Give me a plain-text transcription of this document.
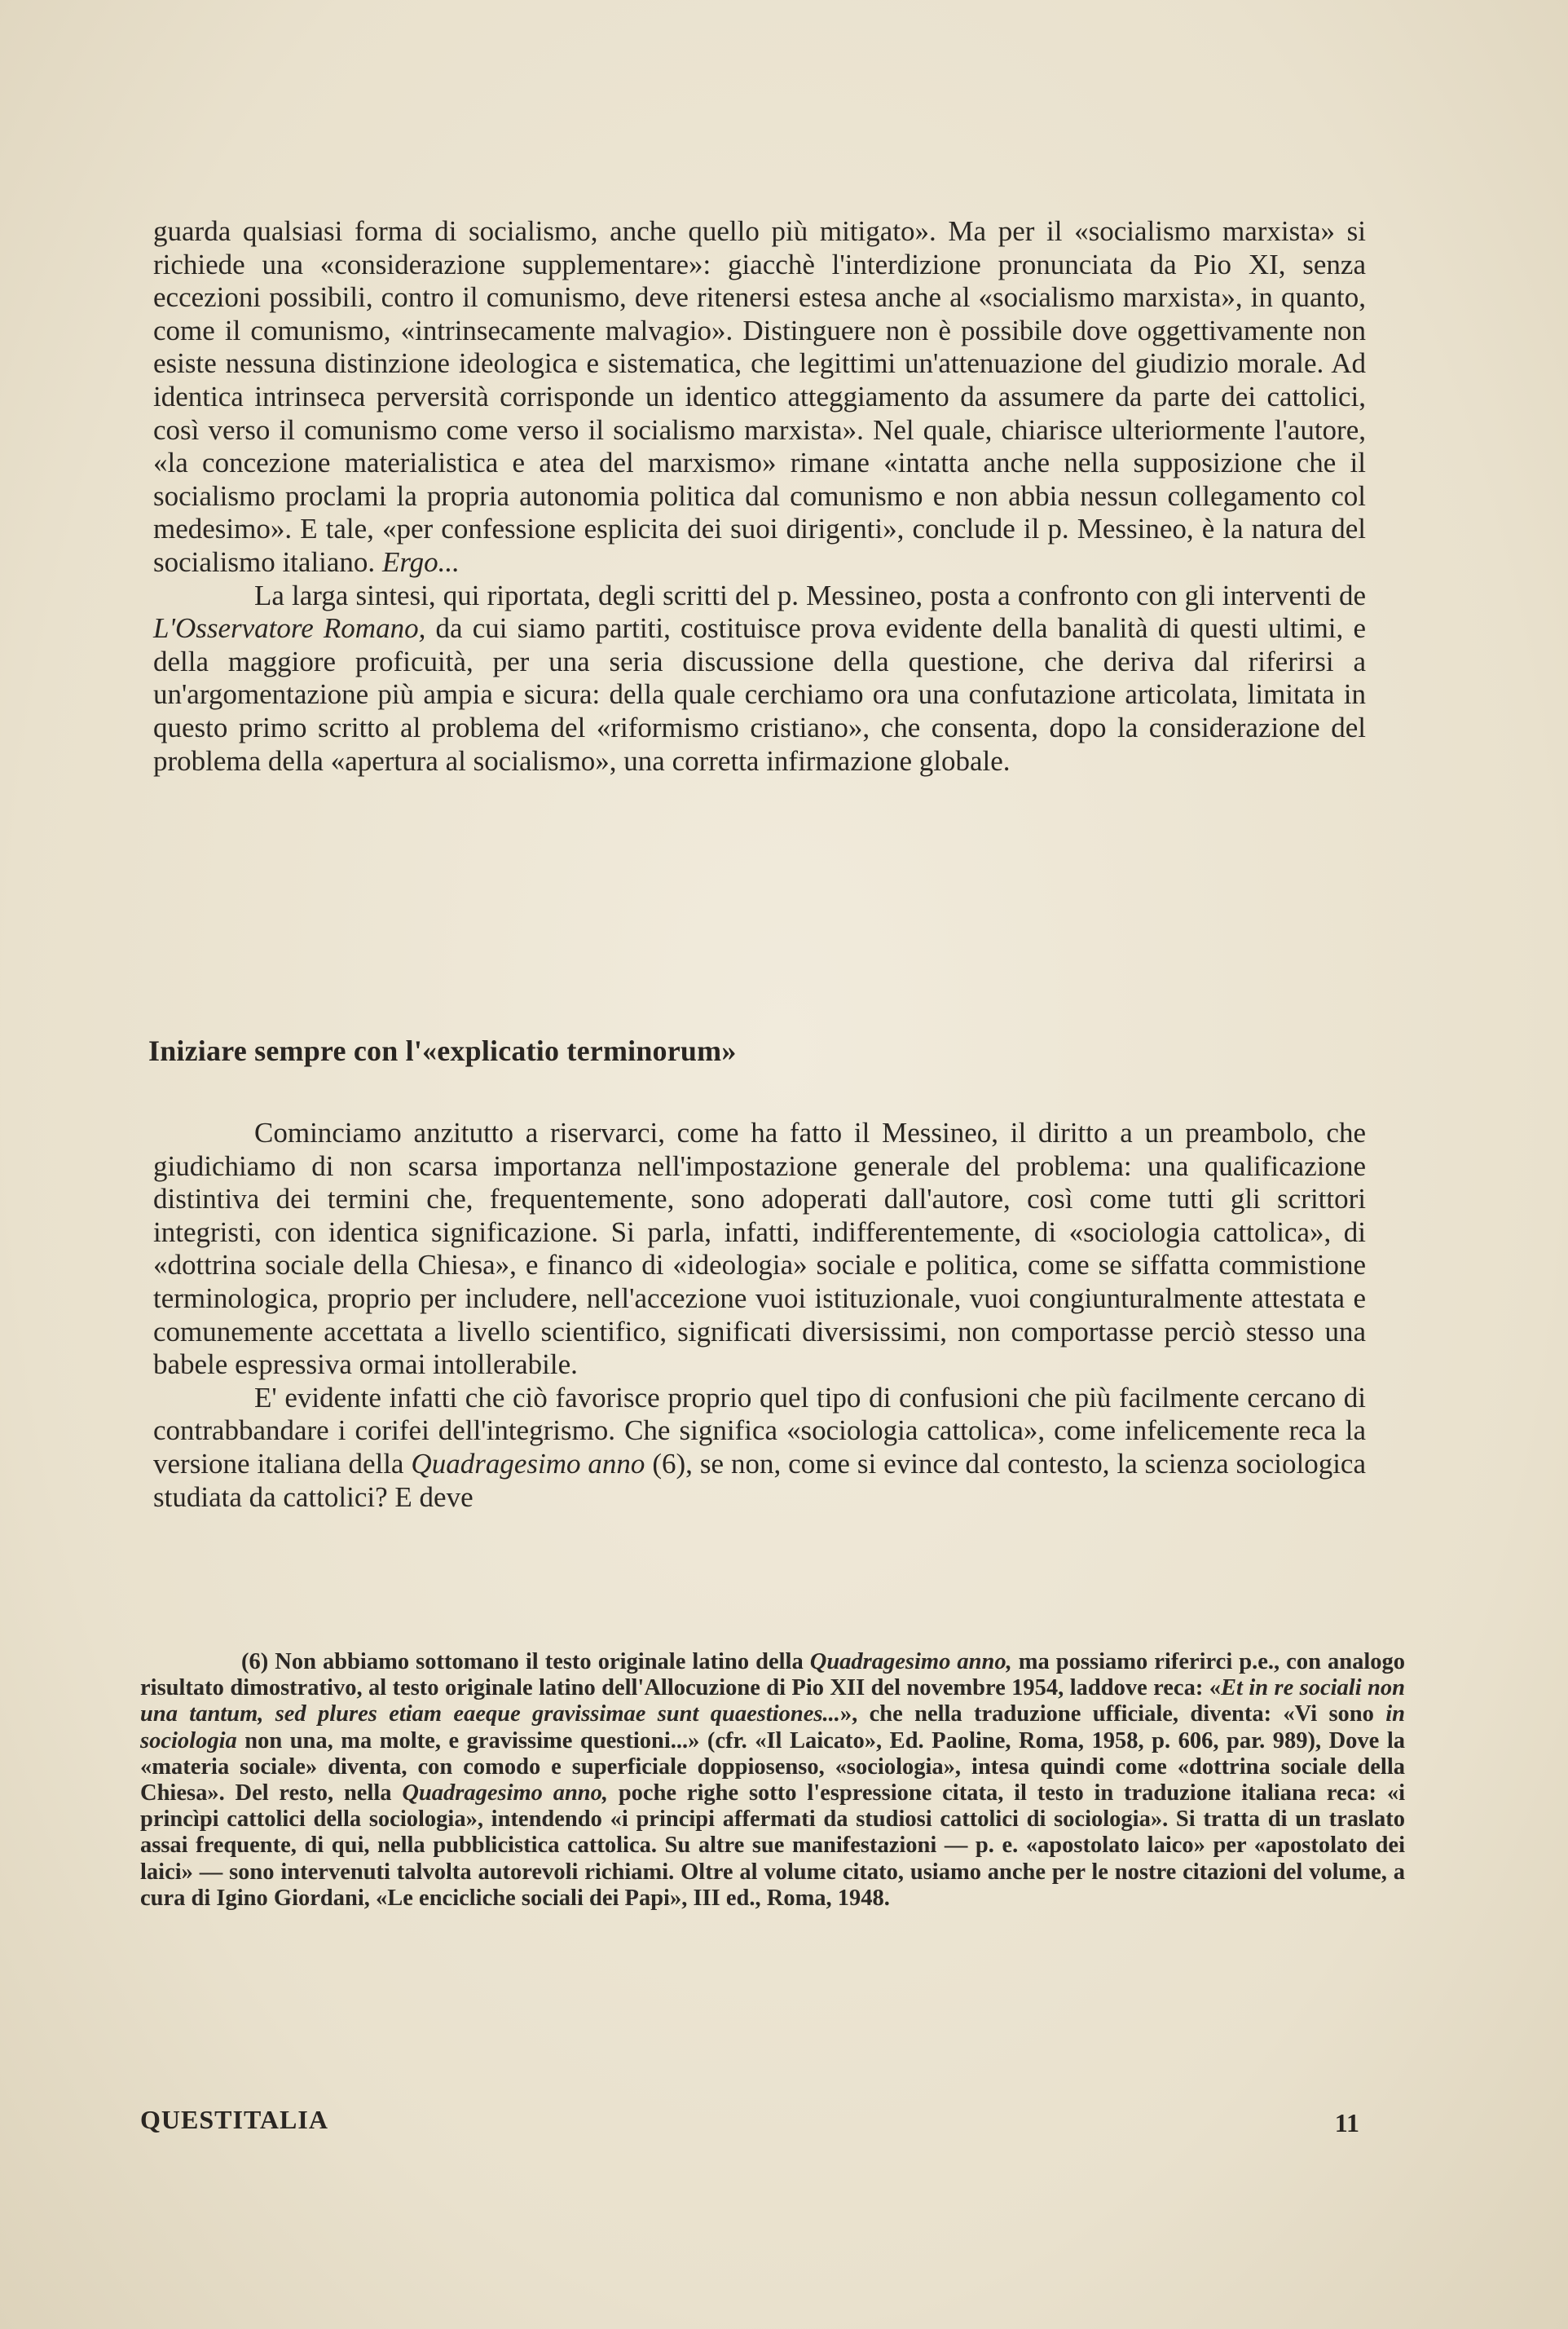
guarda qualsiasi forma di socialismo, anche quello più mitigato». Ma per il «socialismo marxista» si richiede una «considerazione supplementare»: giacchè l'interdizione pronunciata da Pio XI, senza eccezioni possibili, contro il comunismo, deve ritenersi estesa anche al «socialismo marxista», in quanto, come il comunismo, «intrinsecamente malvagio». Distinguere non è possibile dove oggettivamente non esiste nessuna distinzione ideologica e sistematica, che legittimi un'attenuazione del giudizio morale. Ad identica intrinseca perversità corrisponde un identico atteggiamento da assumere da parte dei cattolici, così verso il comunismo come verso il socialismo marxista». Nel quale, chiarisce ulteriormente l'autore, «la concezione materialistica e atea del marxismo» rimane «intatta anche nella supposizione che il socialismo proclami la propria autonomia politica dal comunismo e non abbia nessun collegamento col medesimo». E tale, «per confessione esplicita dei suoi dirigenti», conclude il p. Messineo, è la natura del socialismo italiano. Ergo...

La larga sintesi, qui riportata, degli scritti del p. Messineo, posta a confronto con gli interventi de L'Osservatore Romano, da cui siamo partiti, costituisce prova evidente della banalità di questi ultimi, e della maggiore proficuità, per una seria discussione della questione, che deriva dal riferirsi a un'argomentazione più ampia e sicura: della quale cerchiamo ora una confutazione articolata, limitata in questo primo scritto al problema del «riformismo cristiano», che consenta, dopo la considerazione del problema della «apertura al socialismo», una corretta infirmazione globale.

Iniziare sempre con l'«explicatio terminorum»

Cominciamo anzitutto a riservarci, come ha fatto il Messineo, il diritto a un preambolo, che giudichiamo di non scarsa importanza nell'impostazione generale del problema: una qualificazione distintiva dei termini che, frequentemente, sono adoperati dall'autore, così come tutti gli scrittori integristi, con identica significazione. Si parla, infatti, indifferentemente, di «sociologia cattolica», di «dottrina sociale della Chiesa», e financo di «ideologia» sociale e politica, come se siffatta commistione terminologica, proprio per includere, nell'accezione vuoi istituzionale, vuoi congiunturalmente attestata e comunemente accettata a livello scientifico, significati diversissimi, non comportasse perciò stesso una babele espressiva ormai intollerabile.

E' evidente infatti che ciò favorisce proprio quel tipo di confusioni che più facilmente cercano di contrabbandare i corifei dell'integrismo. Che significa «sociologia cattolica», come infelicemente reca la versione italiana della Quadragesimo anno (6), se non, come si evince dal contesto, la scienza sociologica studiata da cattolici? E deve

(6) Non abbiamo sottomano il testo originale latino della Quadragesimo anno, ma possiamo riferirci p.e., con analogo risultato dimostrativo, al testo originale latino dell'Allocuzione di Pio XII del novembre 1954, laddove reca: «Et in re sociali non una tantum, sed plures etiam eaeque gravissimae sunt quaestiones...», che nella traduzione ufficiale, diventa: «Vi sono in sociologia non una, ma molte, e gravissime questioni...» (cfr. «Il Laicato», Ed. Paoline, Roma, 1958, p. 606, par. 989), Dove la «materia sociale» diventa, con comodo e superficiale doppiosenso, «sociologia», intesa quindi come «dottrina sociale della Chiesa». Del resto, nella Quadragesimo anno, poche righe sotto l'espressione citata, il testo in traduzione italiana reca: «i princìpi cattolici della sociologia», intendendo «i principi affermati da studiosi cattolici di sociologia». Si tratta di un traslato assai frequente, di qui, nella pubblicistica cattolica. Su altre sue manifestazioni — p. e. «apostolato laico» per «apostolato dei laici» — sono intervenuti talvolta autorevoli richiami. Oltre al volume citato, usiamo anche per le nostre citazioni del volume, a cura di Igino Giordani, «Le encicliche sociali dei Papi», III ed., Roma, 1948.

QUESTITALIA	11
